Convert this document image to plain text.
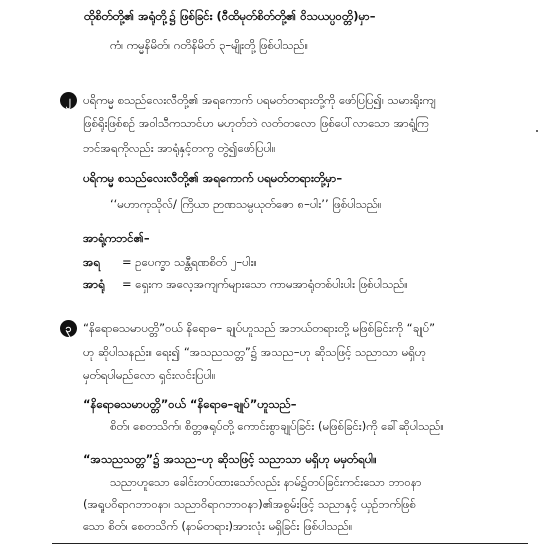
ထိုစိတ်တို့၏ အရုံတို့၌ ဖြစ်ခြင်း (ဝီထိမုတ်စိတ်တို့၏ ဝိသယပ္ပဝတ္တိ)မှာ–
ကံ၊ ကမ္မနိမိတ်၊ ဂတိနိမိတ် ၃–မျိုးတို့ ဖြစ်ပါသည်။
၂	ပရိကမ္မ စသည်လေးလီတို့၏ အရကောက် ပရမတ်တရားတို့ကို ဖော်ပြပြ၍၊ သမားရိုးကျ
ဖြစ်ရိုးဖြစ်စဉ် အဝါသီကသာင်ဟ မဟုတ်ဘဲ လတ်တလော ဖြစ်ပေါ်လာသော အာရုံ့ကြ
ဘင်အရကိုလည်း အာရုံနှင့်တကွ တွဲ၍ဖော်ပြပါ။
ပရိကမ္မ စသည်လေးလီတို့၏ အရကောက် ပရမတ်တရားတို့မှာ–
‘‘မဟာကုသိုလ်/ ကြိယာ ဉာဏသမ္ပယုတ်ဇော ၈–ပါး’’ ဖြစ်ပါသည်။
အာရုံ့ကဘင်၏–
အရ = ဥပေက္ခာ သန္တီရဏစိတ် ၂–ပါး။
အာရုံ = ရှေးက အလေ့အကျက်များသော ကာမအာရုံတစ်ပါးပါး ဖြစ်ပါသည်။
၃ “နိရောဓသမာပတ္တိ”ဝယ် နိရောဓ– ချုပ်ဟူသည် အဘယ်တရားတို့ မဖြစ်ခြင်းကို “ချုပ်”
ဟု ဆိုပါသနည်း။ ရေး၍ “အသညသတ္တ”၌ အသည–ဟု ဆိုသဖြင့် သညာသာ မရှိဟု
မှတ်ရပါမည်လော ရှင်းလင်းပြပါ။
“နိရောဓသမာပတ္တိ”ဝယ် “နိရောဓ–ချုပ်”ဟူသည်–
စိတ်၊ စေတသိက်၊ စိတ္တဇရုပ်တို့ ကောင်းစွာချုပ်ခြင်း (မဖြစ်ခြင်း)ကို ခေါ်ဆိုပါသည်။
“အသညသတ္တ”၌ အသည–ဟု ဆိုသဖြင့် သညာသာ မရှိဟု မမှတ်ရပါ။
သညာဟူသော ခေါင်းတပ်ထားသော်လည်း နာမ်၌တပ်ခြင်းကင်းသော ဘာဝနာ
(အရူပဝိရာဂဘာဝနာ၊ သညာဝိရာဂဘာဝနာ)၏အစွမ်းဖြင့် သညာနှင့် ယှဉ်ဘက်ဖြစ်
သော စိတ်၊ စေတသိက် (နာမ်တရား)အားလုံး မရှိခြင်း ဖြစ်ပါသည်။
